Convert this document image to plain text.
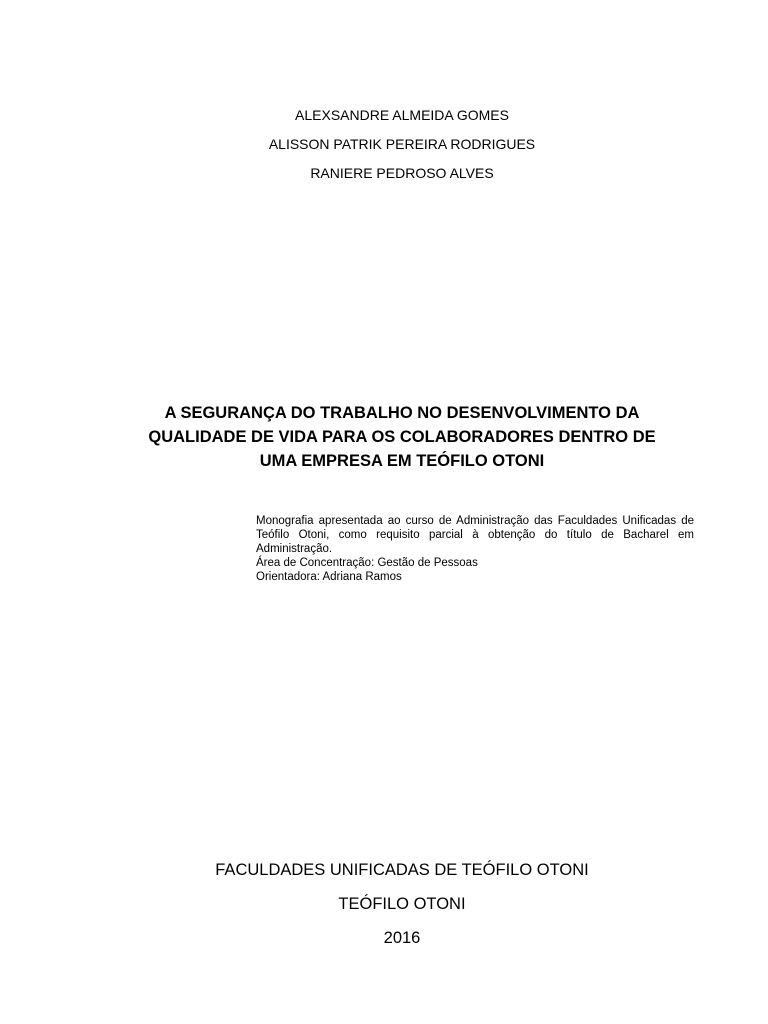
ALEXSANDRE ALMEIDA GOMES
ALISSON PATRIK PEREIRA RODRIGUES
RANIERE PEDROSO ALVES
A SEGURANÇA DO TRABALHO NO DESENVOLVIMENTO DA
QUALIDADE DE VIDA PARA OS COLABORADORES DENTRO DE
UMA EMPRESA EM TEÓFILO OTONI
Monografia apresentada ao curso de Administração das Faculdades Unificadas de Teófilo Otoni, como requisito parcial à obtenção do título de Bacharel em Administração.
Área de Concentração: Gestão de Pessoas
Orientadora: Adriana Ramos
FACULDADES UNIFICADAS DE TEÓFILO OTONI
TEÓFILO OTONI
2016
